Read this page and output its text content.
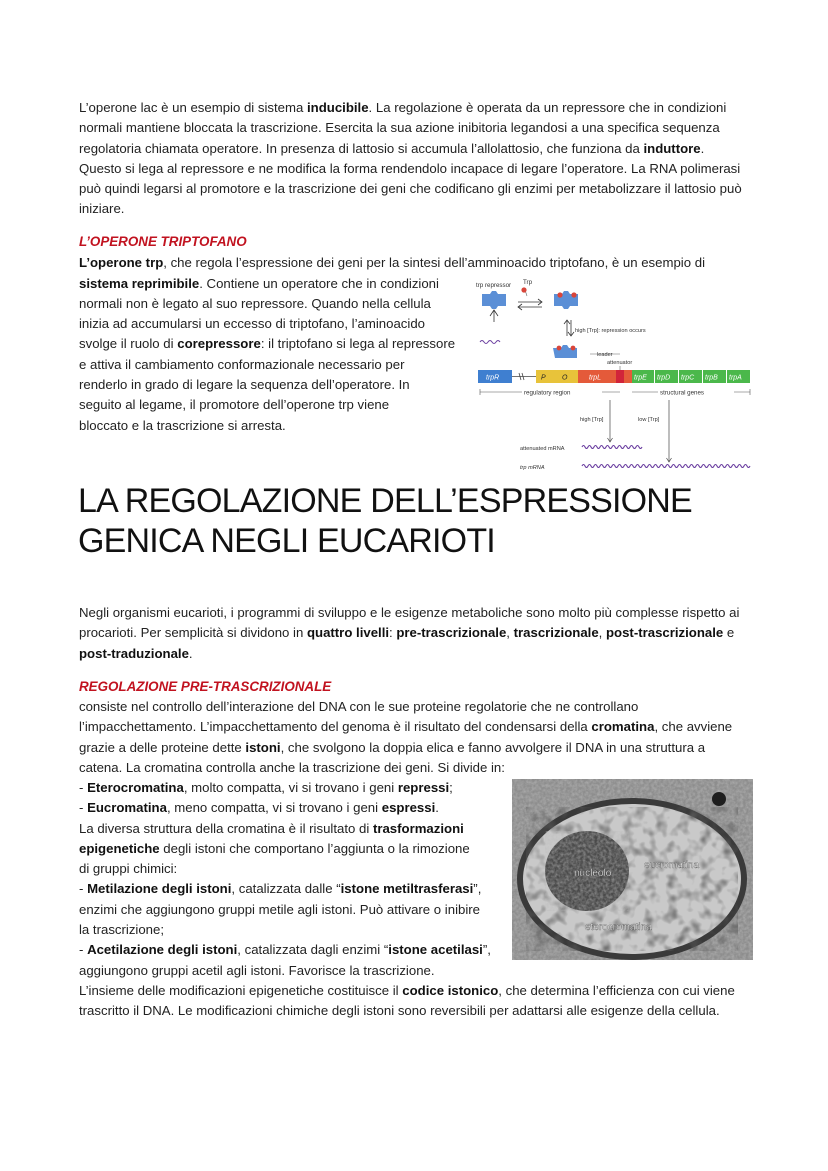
L’operone lac è un esempio di sistema inducibile. La regolazione è operata da un repressore che in condizioni normali mantiene bloccata la trascrizione. Esercita la sua azione inibitoria legandosi a una specifica sequenza regolatoria chiamata operatore. In presenza di lattosio si accumula l’allolattosio, che funziona da induttore. Questo si lega al repressore e ne modifica la forma rendendolo incapace di legare l’operatore. La RNA polimerasi può quindi legarsi al promotore e la trascrizione dei geni che codificano gli enzimi per metabolizzare il lattosio può iniziare.

L’OPERONE TRIPTOFANO
L’operone trp, che regola l’espressione dei geni per la sintesi dell’amminoacido triptofano, è un esempio di
sistema reprimibile. Contiene un operatore che in condizioni
normali non è legato al suo repressore. Quando nella cellula
inizia ad accumularsi un eccesso di triptofano, l’aminoacido
svolge il ruolo di corepressore: il triptofano si lega al repressore
e attiva il cambiamento conformazionale necessario per
renderlo in grado di legare la sequenza dell’operatore. In
seguito al legame, il promotore dell’operone trp viene
bloccato e la trascrizione si arresta.
trp repressor Trp
high [Trp]: repression occurs
leader
attenuator
trpR	P O	trpL	trpE trpD trpC trpB trpA
regulatory region	structural genes
high [Trp]	low [Trp]
attenuated mRNA
trp mRNA
LA REGOLAZIONE DELL’ESPRESSIONE
GENICA NEGLI EUCARIOTI

Negli organismi eucarioti, i programmi di sviluppo e le esigenze metaboliche sono molto più complesse rispetto ai procarioti. Per semplicità si dividono in quattro livelli: pre-trascrizionale, trascrizionale, post-trascrizionale e post-traduzionale.

REGOLAZIONE PRE-TRASCRIZIONALE

consiste nel controllo dell’interazione del DNA con le sue proteine regolatorie che ne controllano l’impacchettamento. L’impacchettamento del genoma è il risultato del condensarsi della cromatina, che avviene grazie a delle proteine dette istoni, che svolgono la doppia elica e fanno avvolgere il DNA in una struttura a catena. La cromatina controlla anche la trascrizione dei geni. Si divide in:

- Eterocromatina, molto compatta, vi si trovano i geni repressi;
- Eucromatina, meno compatta, vi si trovano i geni espressi.
La diversa struttura della cromatina è il risultato di trasformazioni
epigenetiche degli istoni che comportano l’aggiunta o la rimozione
di gruppi chimici:
- Metilazione degli istoni, catalizzata dalle “istone metiltrasferasi”,
enzimi che aggiungono gruppi metile agli istoni. Può attivare o inibire
la trascrizione;
- Acetilazione degli istoni, catalizzata dagli enzimi “istone acetilasi”,
aggiungono gruppi acetil agli istoni. Favorisce la trascrizione.

L’insieme delle modificazioni epigenetiche costituisce il codice istonico, che determina l’efficienza con cui viene trascritto il DNA. Le modificazioni chimiche degli istoni sono reversibili per adattarsi alle esigenze della cellula.

nucleolo
eucromatina
eterocromatina
